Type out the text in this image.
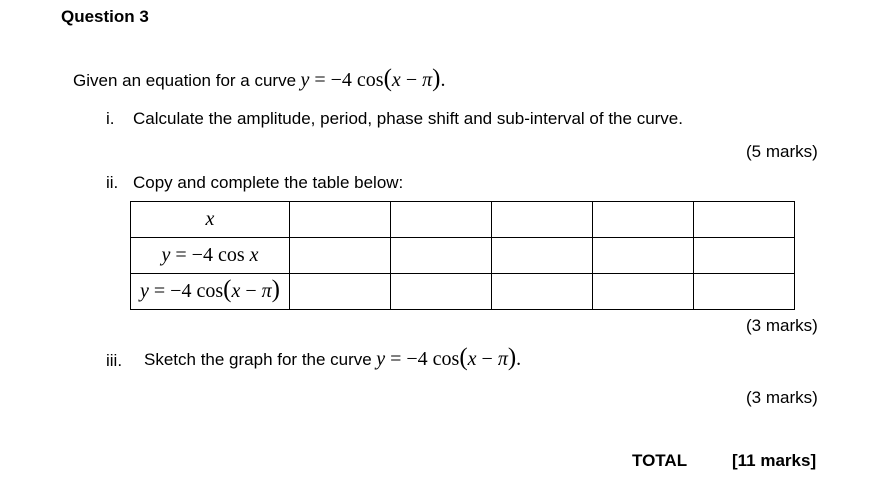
Question 3
Given an equation for a curve y = −4 cos(x − π).
i. Calculate the amplitude, period, phase shift and sub-interval of the curve.
(5 marks)
ii. Copy and complete the table below:
x					
y = −4 cos x					
y = −4 cos(x − π)					
(3 marks)
iii. Sketch the graph for the curve y = −4 cos(x − π).
(3 marks)
TOTAL	[11 marks]
